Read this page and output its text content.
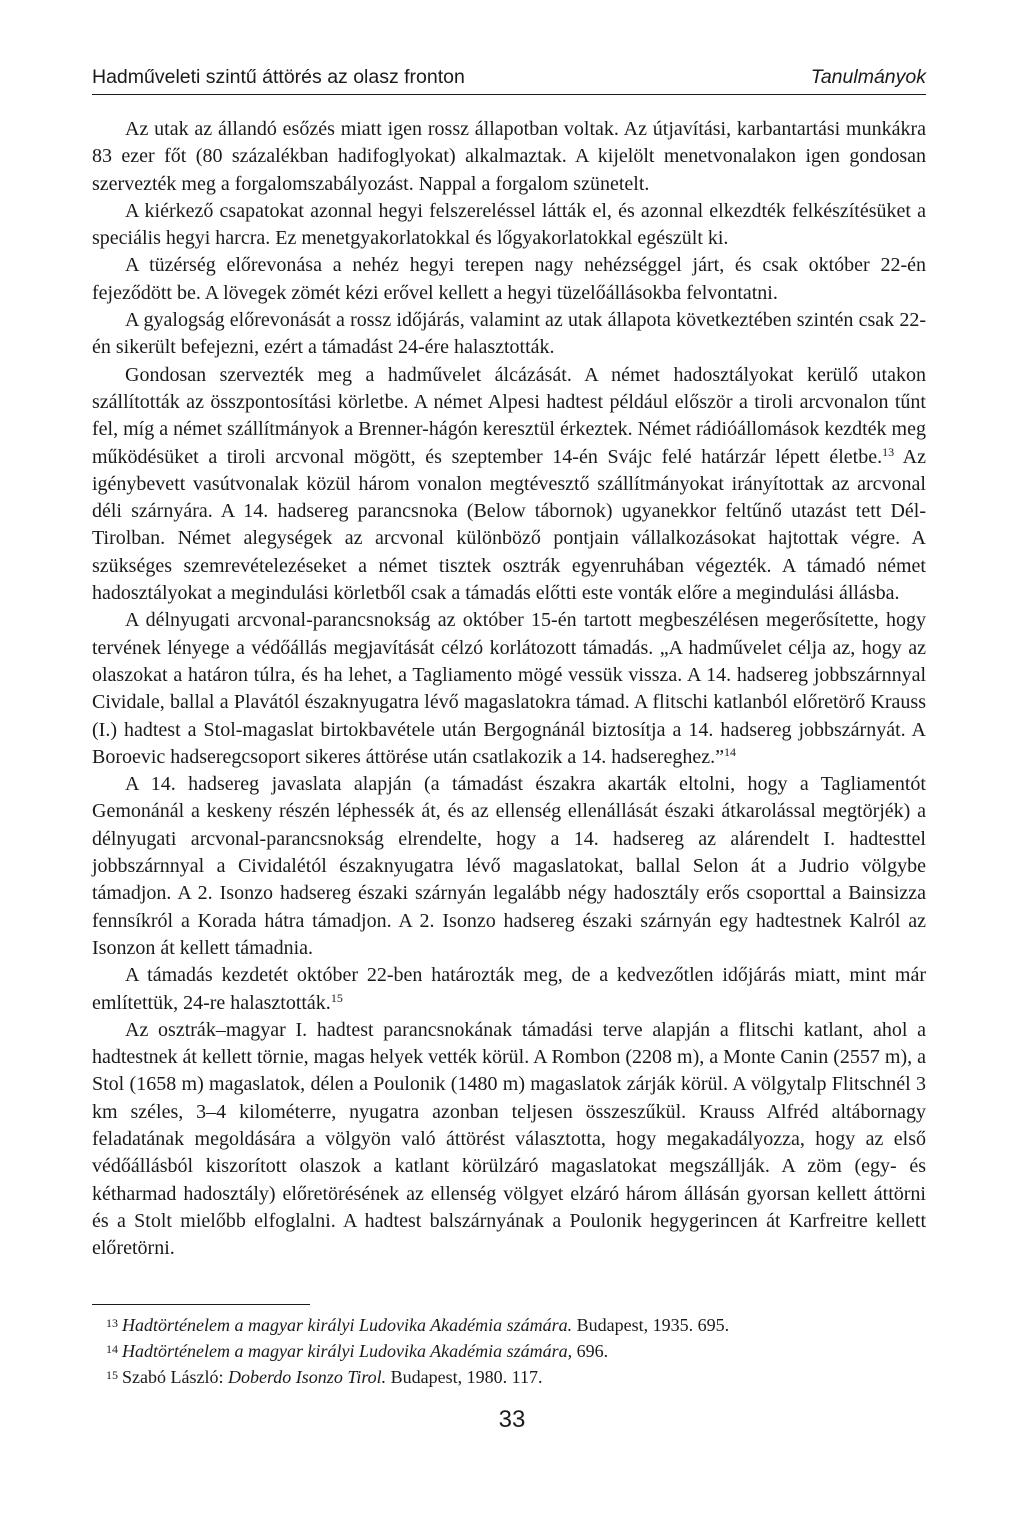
Hadműveleti szintű áttörés az olasz fronton	Tanulmányok

Az utak az állandó esőzés miatt igen rossz állapotban voltak. Az útjavítási, karbantartási munkákra 83 ezer főt (80 százalékban hadifoglyokat) alkalmaztak. A kijelölt menetvonalakon igen gondosan szervezték meg a forgalomszabályozást. Nappal a forgalom szünetelt.

A kiérkező csapatokat azonnal hegyi felszereléssel látták el, és azonnal elkezdték felkészítésüket a speciális hegyi harcra. Ez menetgyakorlatokkal és lőgyakorlatokkal egészült ki.

A tüzérség előrevonása a nehéz hegyi terepen nagy nehézséggel járt, és csak október 22-én fejeződött be. A lövegek zömét kézi erővel kellett a hegyi tüzelőállásokba felvontatni.

A gyalogság előrevonását a rossz időjárás, valamint az utak állapota következtében szintén csak 22-én sikerült befejezni, ezért a támadást 24-ére halasztották.

Gondosan szervezték meg a hadművelet álcázását. A német hadosztályokat kerülő utakon szállították az összpontosítási körletbe. A német Alpesi hadtest például először a tiroli arcvonalon tűnt fel, míg a német szállítmányok a Brenner-hágón keresztül érkeztek. Német rádióállomások kezdték meg működésüket a tiroli arcvonal mögött, és szeptember 14-én Svájc felé határzár lépett életbe.$^{13}$ Az igénybevett vasútvonalak közül három vonalon megtévesztő szállítmányokat irányítottak az arcvonal déli szárnyára. A 14. hadsereg parancsnoka (Below tábornok) ugyanekkor feltűnő utazást tett Dél-Tirolban. Német alegységek az arcvonal különböző pontjain vállalkozásokat hajtottak végre. A szükséges szemrevételezéseket a német tisztek osztrák egyenruhában végezték. A támadó német hadosztályokat a megindulási körletből csak a támadás előtti este vonták előre a megindulási állásba.

A délnyugati arcvonal-parancsnokság az október 15-én tartott megbeszélésen megerősítette, hogy tervének lényege a védőállás megjavítását célzó korlátozott támadás. „A hadművelet célja az, hogy az olaszokat a határon túlra, és ha lehet, a Tagliamento mögé vessük vissza. A 14. hadsereg jobbszárnnyal Cividale, ballal a Plavától északnyugatra lévő magaslatokra támad. A flitschi katlanból előretörő Krauss (I.) hadtest a Stol-magaslat birtokbavétele után Bergognánál biztosítja a 14. hadsereg jobbszárnyát. A Boroevic hadseregcsoport sikeres áttörése után csatlakozik a 14. hadsereghez.”$^{14}$

A 14. hadsereg javaslata alapján (a támadást északra akarták eltolni, hogy a Tagliamentót Gemonánál a keskeny részén léphessék át, és az ellenség ellenállását északi átkarolással megtörjék) a délnyugati arcvonal-parancsnokság elrendelte, hogy a 14. hadsereg az alárendelt I. hadtesttel jobbszárnnyal a Cividalétól északnyugatra lévő magaslatokat, ballal Selon át a Judrio völgybe támadjon. A 2. Isonzo hadsereg északi szárnyán legalább négy hadosztály erős csoporttal a Bainsizza fennsíkról a Korada hátra támadjon. A 2. Isonzo hadsereg északi szárnyán egy hadtestnek Kalról az Isonzon át kellett támadnia.

A támadás kezdetét október 22-ben határozták meg, de a kedvezőtlen időjárás miatt, mint már említettük, 24-re halasztották.$^{15}$

Az osztrák–magyar I. hadtest parancsnokának támadási terve alapján a flitschi katlant, ahol a hadtestnek át kellett törnie, magas helyek vették körül. A Rombon (2208 m), a Monte Canin (2557 m), a Stol (1658 m) magaslatok, délen a Poulonik (1480 m) magaslatok zárják körül. A völgytalp Flitschnél 3 km széles, 3–4 kilométerre, nyugatra azonban teljesen összeszűkül. Krauss Alfréd altábornagy feladatának megoldására a völgyön való áttörést választotta, hogy megakadályozza, hogy az első védőállásból kiszorított olaszok a katlant körülzáró magaslatokat megszállják. A zöm (egy- és kétharmad hadosztály) előretörésének az ellenség völgyet elzáró három állásán gyorsan kellett áttörni és a Stolt mielőbb elfoglalni. A hadtest balszárnyának a Poulonik hegygerincen át Karfreitre kellett előretörni.

13 Hadtörténelem a magyar királyi Ludovika Akadémia számára. Budapest, 1935. 695.
14 Hadtörténelem a magyar királyi Ludovika Akadémia számára, 696.
15 Szabó László: Doberdo Isonzo Tirol. Budapest, 1980. 117.
33
